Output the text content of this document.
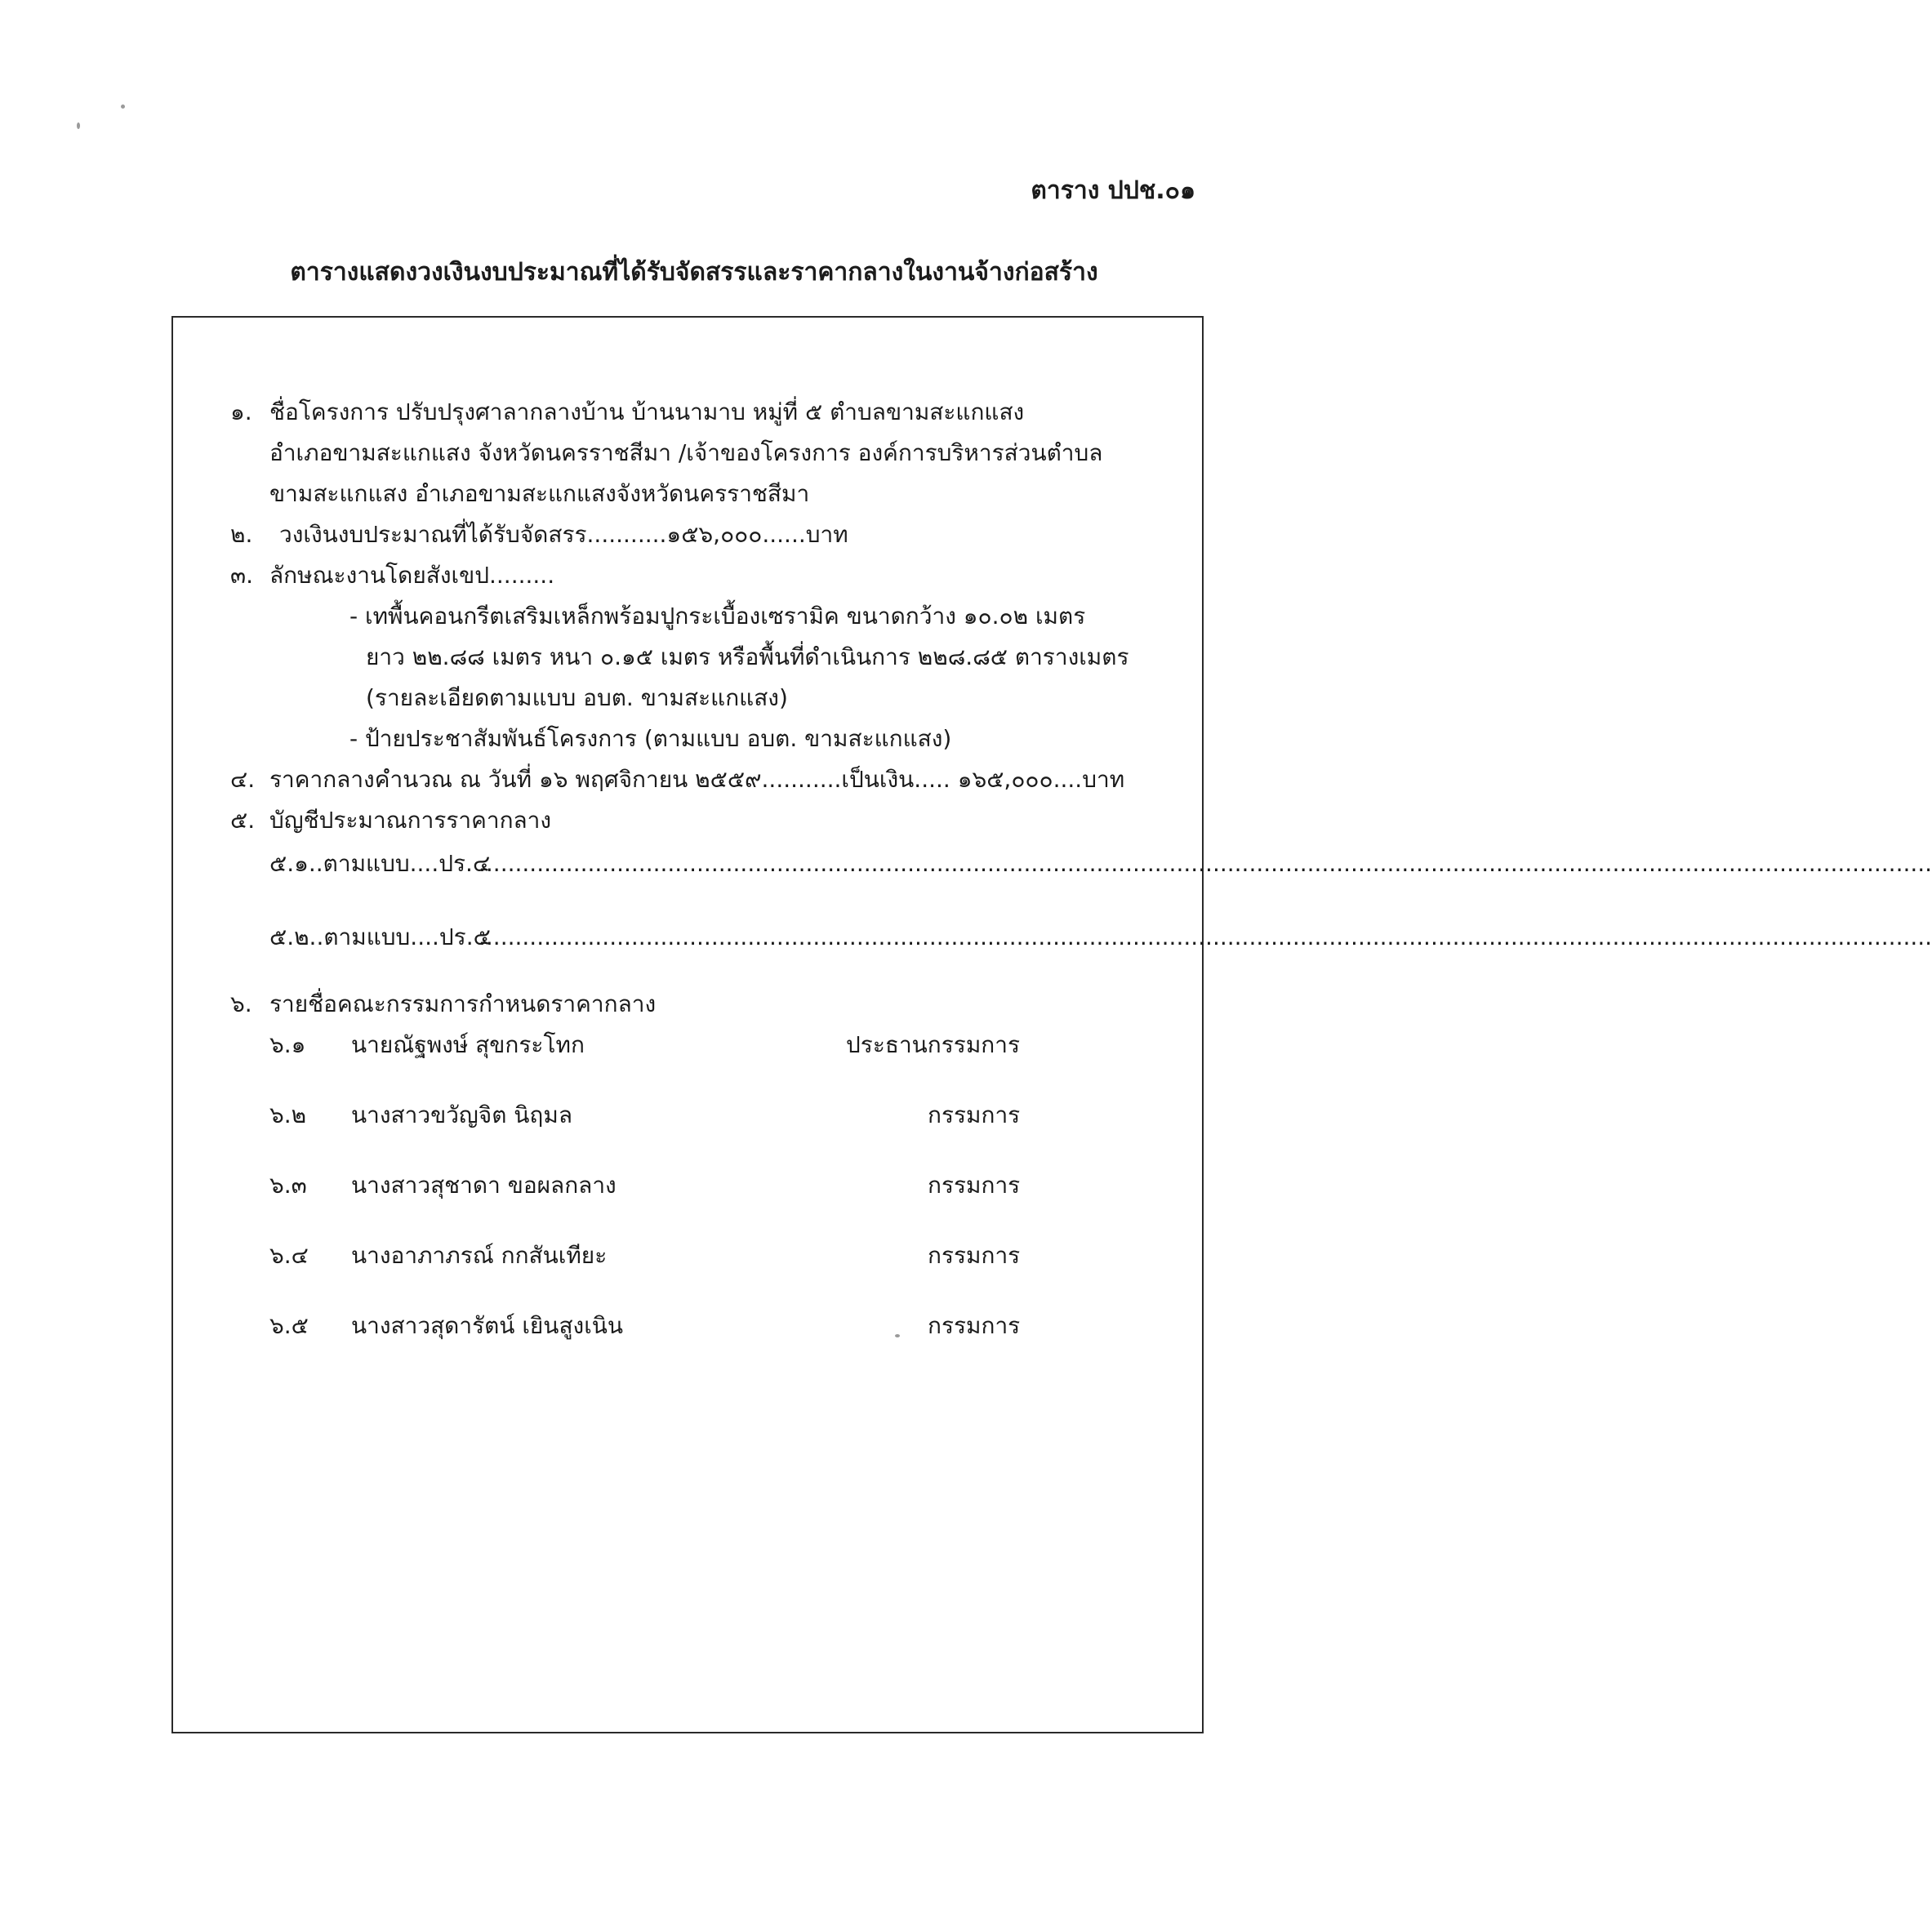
ตาราง ปปช.๐๑
ตารางแสดงวงเงินงบประมาณที่ได้รับจัดสรรและราคากลางในงานจ้างก่อสร้าง
๑. ชื่อโครงการ ปรับปรุงศาลากลางบ้าน บ้านนามาบ หมู่ที่ ๕ ตำบลขามสะแกแสง
อำเภอขามสะแกแสง จังหวัดนครราชสีมา /เจ้าของโครงการ องค์การบริหารส่วนตำบล
ขามสะแกแสง อำเภอขามสะแกแสงจังหวัดนครราชสีมา
๒. วงเงินงบประมาณที่ได้รับจัดสรร...........๑๕๖,๐๐๐......บาท
๓. ลักษณะงานโดยสังเขป.........
- เทพื้นคอนกรีตเสริมเหล็กพร้อมปูกระเบื้องเซรามิค ขนาดกว้าง ๑๐.๐๒ เมตร
ยาว ๒๒.๘๘ เมตร หนา ๐.๑๕ เมตร หรือพื้นที่ดำเนินการ ๒๒๘.๘๕ ตารางเมตร
(รายละเอียดตามแบบ อบต. ขามสะแกแสง)
- ป้ายประชาสัมพันธ์โครงการ (ตามแบบ อบต. ขามสะแกแสง)
๔. ราคากลางคำนวณ ณ วันที่ ๑๖ พฤศจิกายน ๒๕๕๙...........เป็นเงิน..... ๑๖๕,๐๐๐....บาท
๕. บัญชีประมาณการราคากลาง
๕.๑..ตามแบบ....ปร.๔
........................................................................................................................................................................................................
๕.๒..ตามแบบ....ปร.๕
........................................................................................................................................................................................................
๖. รายชื่อคณะกรรมการกำหนดราคากลาง
๖.๑ นายณัฐพงษ์ สุขกระโทก	ประธานกรรมการ
๖.๒ นางสาวขวัญจิต นิฤมล	กรรมการ
๖.๓ นางสาวสุชาดา ขอผลกลาง	กรรมการ
๖.๔ นางอาภาภรณ์ กกสันเทียะ	กรรมการ
๖.๕ นางสาวสุดารัตน์ เยินสูงเนิน	กรรมการ
